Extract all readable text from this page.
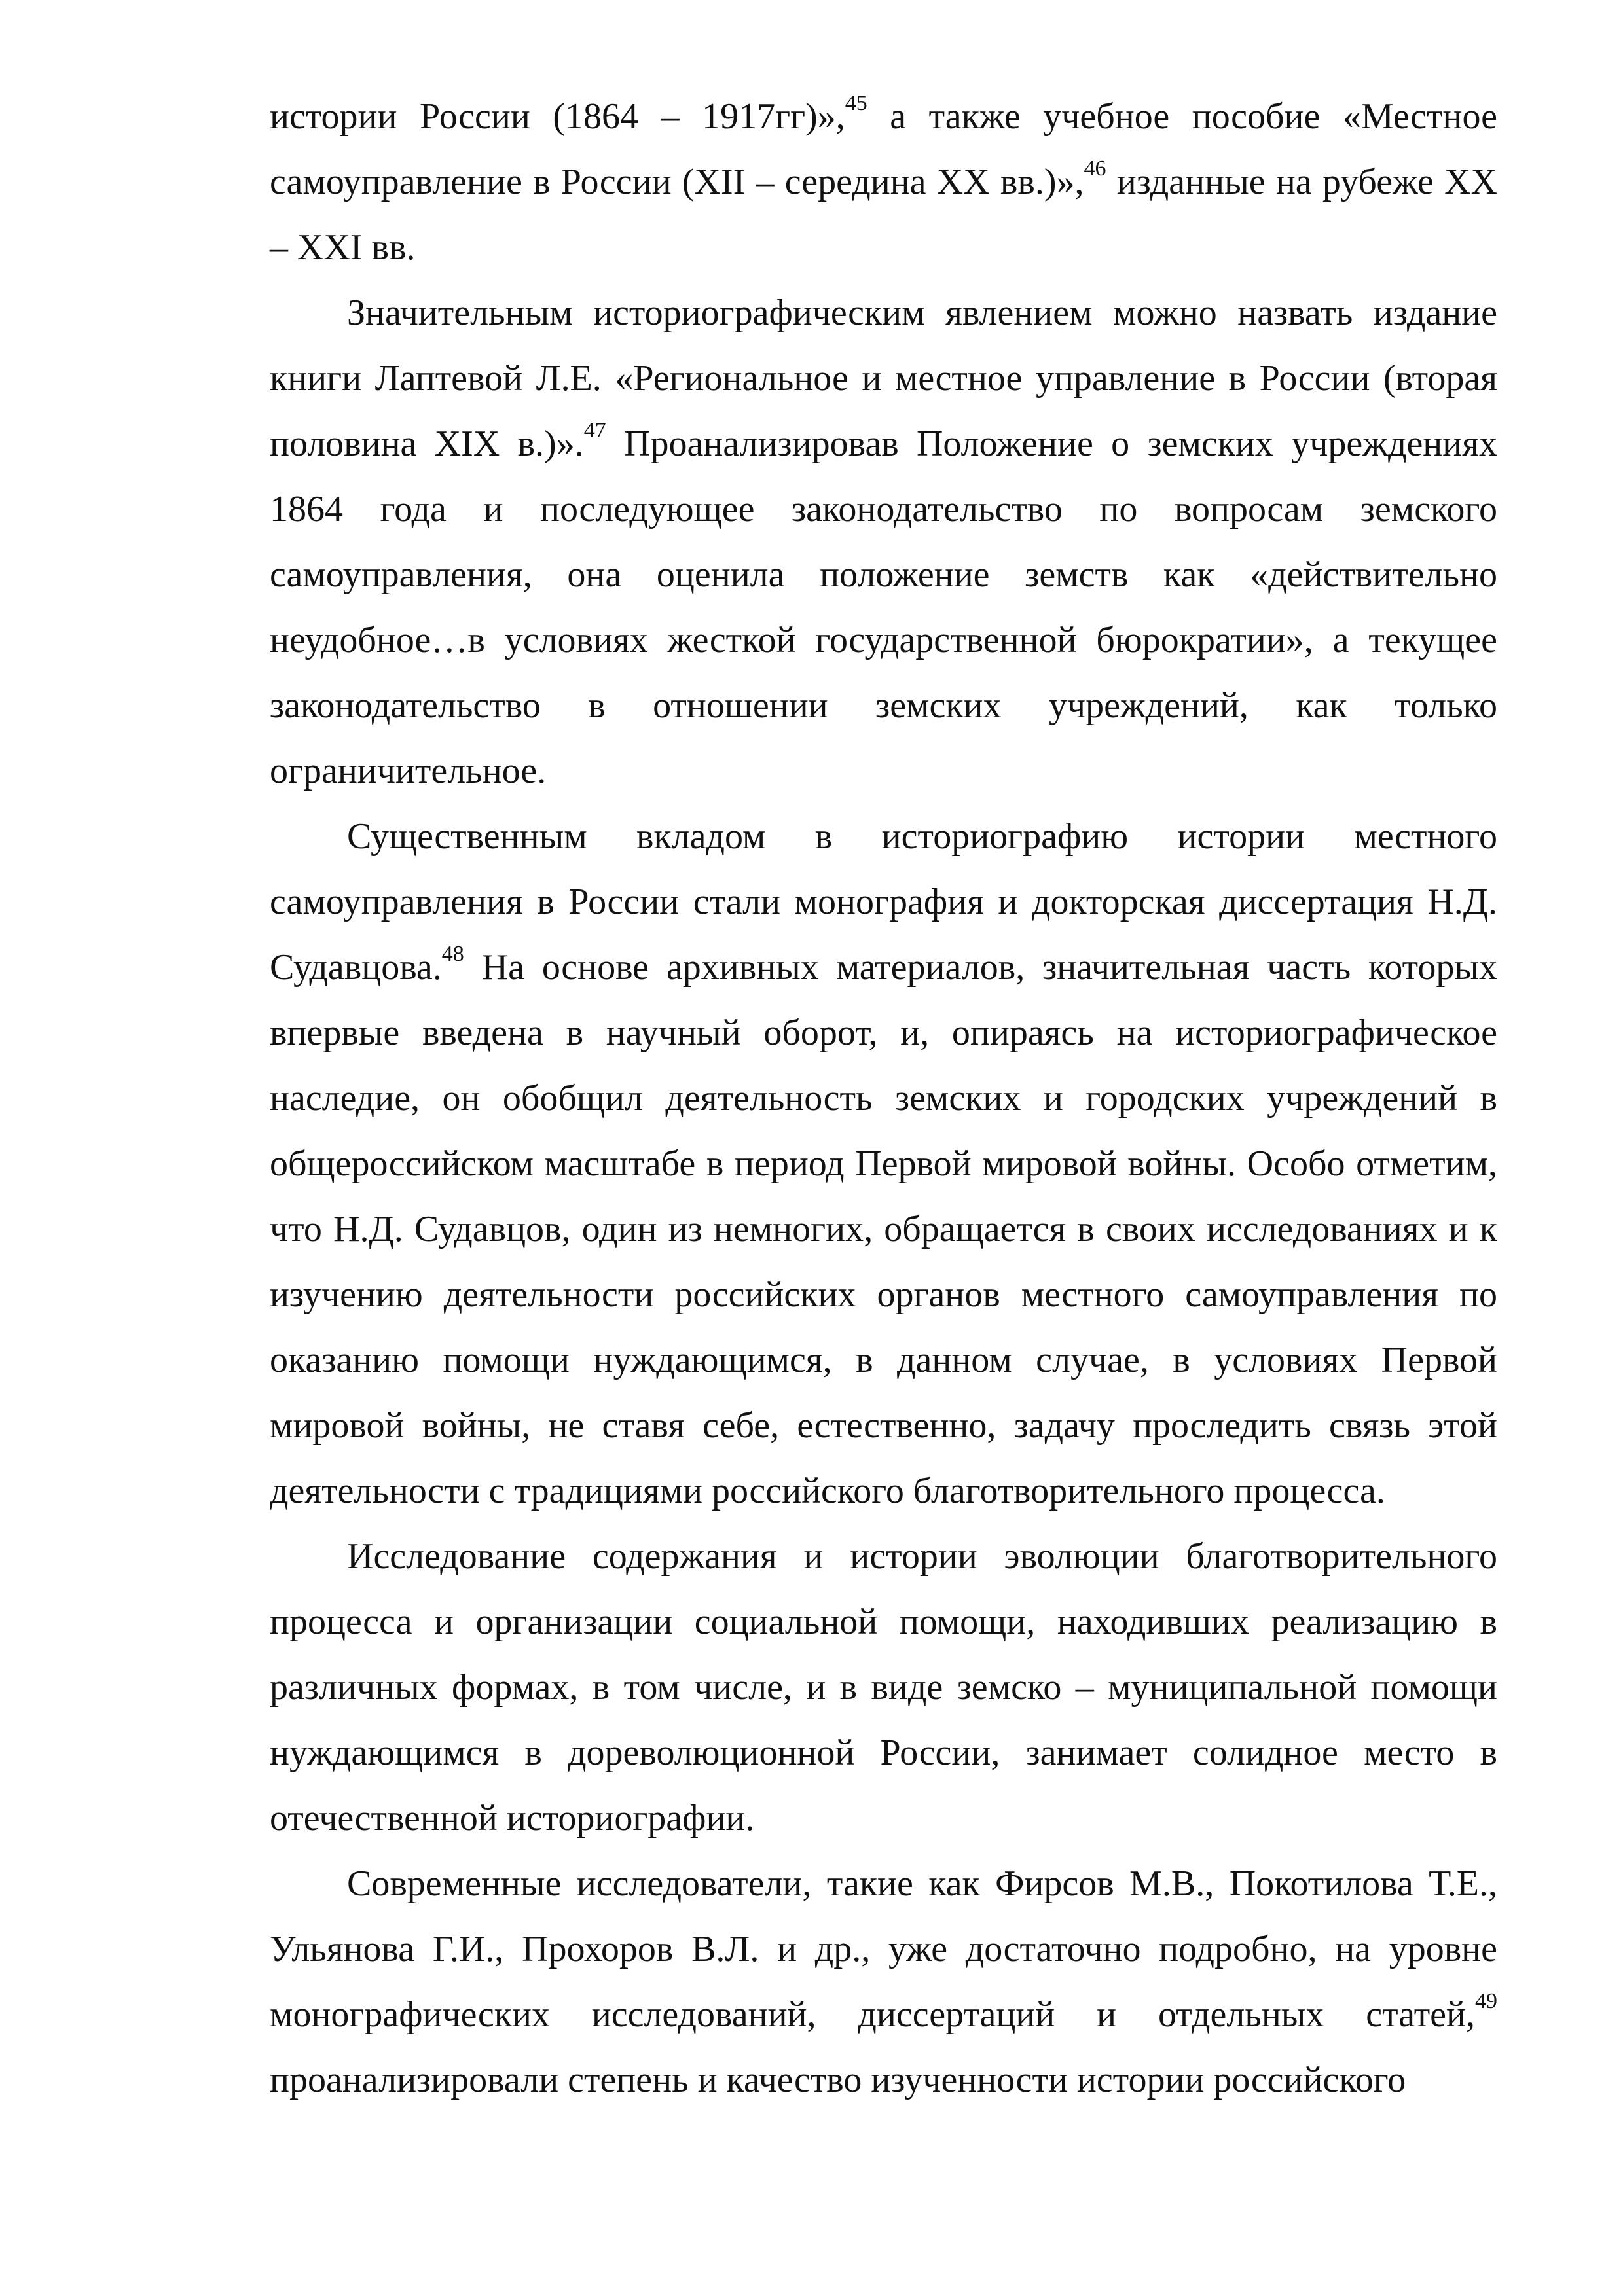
истории России (1864 – 1917гг)»,$^{45}$ а также учебное пособие «Местное самоуправление в России (XII – середина XX вв.)»,$^{46}$ изданные на рубеже XX – XXI вв.

Значительным историографическим явлением можно назвать издание книги Лаптевой Л.Е. «Региональное и местное управление в России (вторая половина XIX в.)».$^{47}$ Проанализировав Положение о земских учреждениях 1864 года и последующее законодательство по вопросам земского самоуправления, она оценила положение земств как «действительно неудобное…в условиях жесткой государственной бюрократии», а текущее законодательство в отношении земских учреждений, как только ограничительное.

Существенным вкладом в историографию истории местного самоуправления в России стали монография и докторская диссертация Н.Д. Судавцова.$^{48}$ На основе архивных материалов, значительная часть которых впервые введена в научный оборот, и, опираясь на историографическое наследие, он обобщил деятельность земских и городских учреждений в общероссийском масштабе в период Первой мировой войны. Особо отметим, что Н.Д. Судавцов, один из немногих, обращается в своих исследованиях и к изучению деятельности российских органов местного самоуправления по оказанию помощи нуждающимся, в данном случае, в условиях Первой мировой войны, не ставя себе, естественно, задачу проследить связь этой деятельности с традициями российского благотворительного процесса.

Исследование содержания и истории эволюции благотворительного процесса и организации социальной помощи, находивших реализацию в различных формах, в том числе, и в виде земско – муниципальной помощи нуждающимся в дореволюционной России, занимает солидное место в отечественной историографии.

Современные исследователи, такие как Фирсов М.В., Покотилова Т.Е., Ульянова Г.И., Прохоров В.Л. и др., уже достаточно подробно, на уровне монографических исследований, диссертаций и отдельных статей,$^{49}$ проанализировали степень и качество изученности истории российского
